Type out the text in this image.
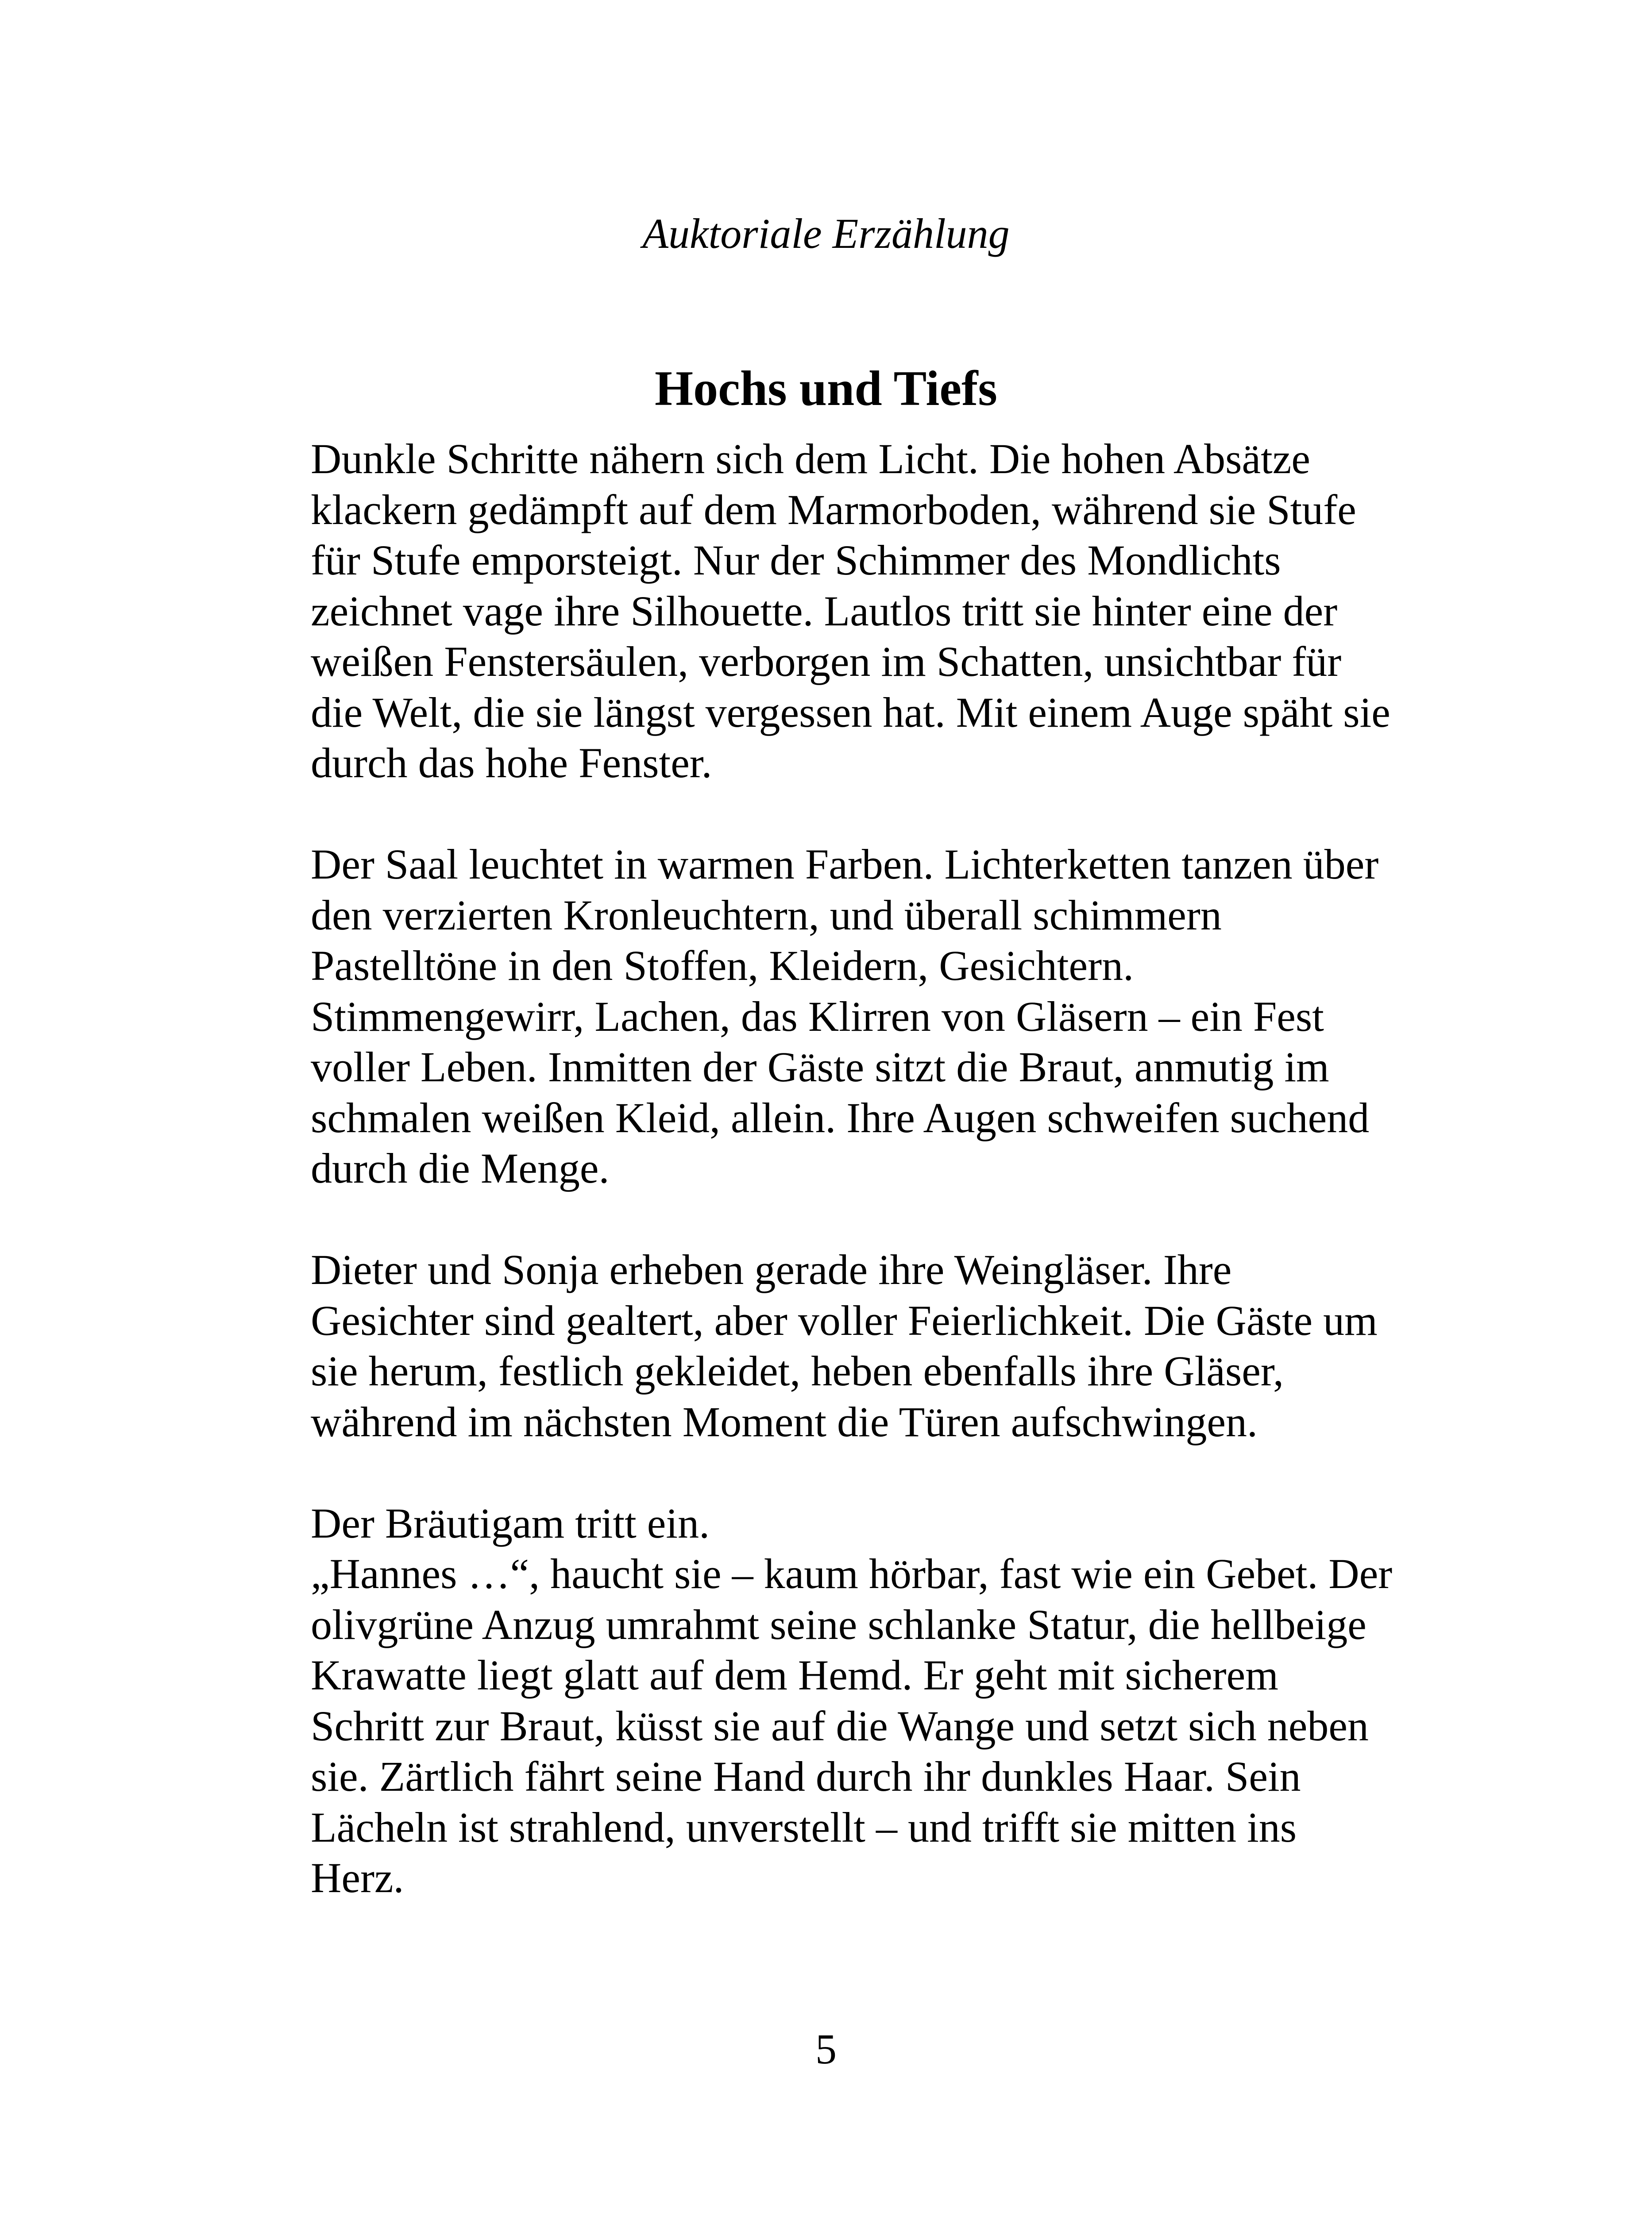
Auktoriale Erzählung
Hochs und Tiefs

Dunkle Schritte nähern sich dem Licht. Die hohen Absätze
klackern gedämpft auf dem Marmorboden, während sie Stufe
für Stufe emporsteigt. Nur der Schimmer des Mondlichts
zeichnet vage ihre Silhouette. Lautlos tritt sie hinter eine der
weißen Fenstersäulen, verborgen im Schatten, unsichtbar für
die Welt, die sie längst vergessen hat. Mit einem Auge späht sie
durch das hohe Fenster.

Der Saal leuchtet in warmen Farben. Lichterketten tanzen über
den verzierten Kronleuchtern, und überall schimmern
Pastelltöne in den Stoffen, Kleidern, Gesichtern.
Stimmengewirr, Lachen, das Klirren von Gläsern – ein Fest
voller Leben. Inmitten der Gäste sitzt die Braut, anmutig im
schmalen weißen Kleid, allein. Ihre Augen schweifen suchend
durch die Menge.

Dieter und Sonja erheben gerade ihre Weingläser. Ihre
Gesichter sind gealtert, aber voller Feierlichkeit. Die Gäste um
sie herum, festlich gekleidet, heben ebenfalls ihre Gläser,
während im nächsten Moment die Türen aufschwingen.

Der Bräutigam tritt ein.

„Hannes …“, haucht sie – kaum hörbar, fast wie ein Gebet. Der
olivgrüne Anzug umrahmt seine schlanke Statur, die hellbeige
Krawatte liegt glatt auf dem Hemd. Er geht mit sicherem
Schritt zur Braut, küsst sie auf die Wange und setzt sich neben
sie. Zärtlich fährt seine Hand durch ihr dunkles Haar. Sein
Lächeln ist strahlend, unverstellt – und trifft sie mitten ins
Herz.

5
